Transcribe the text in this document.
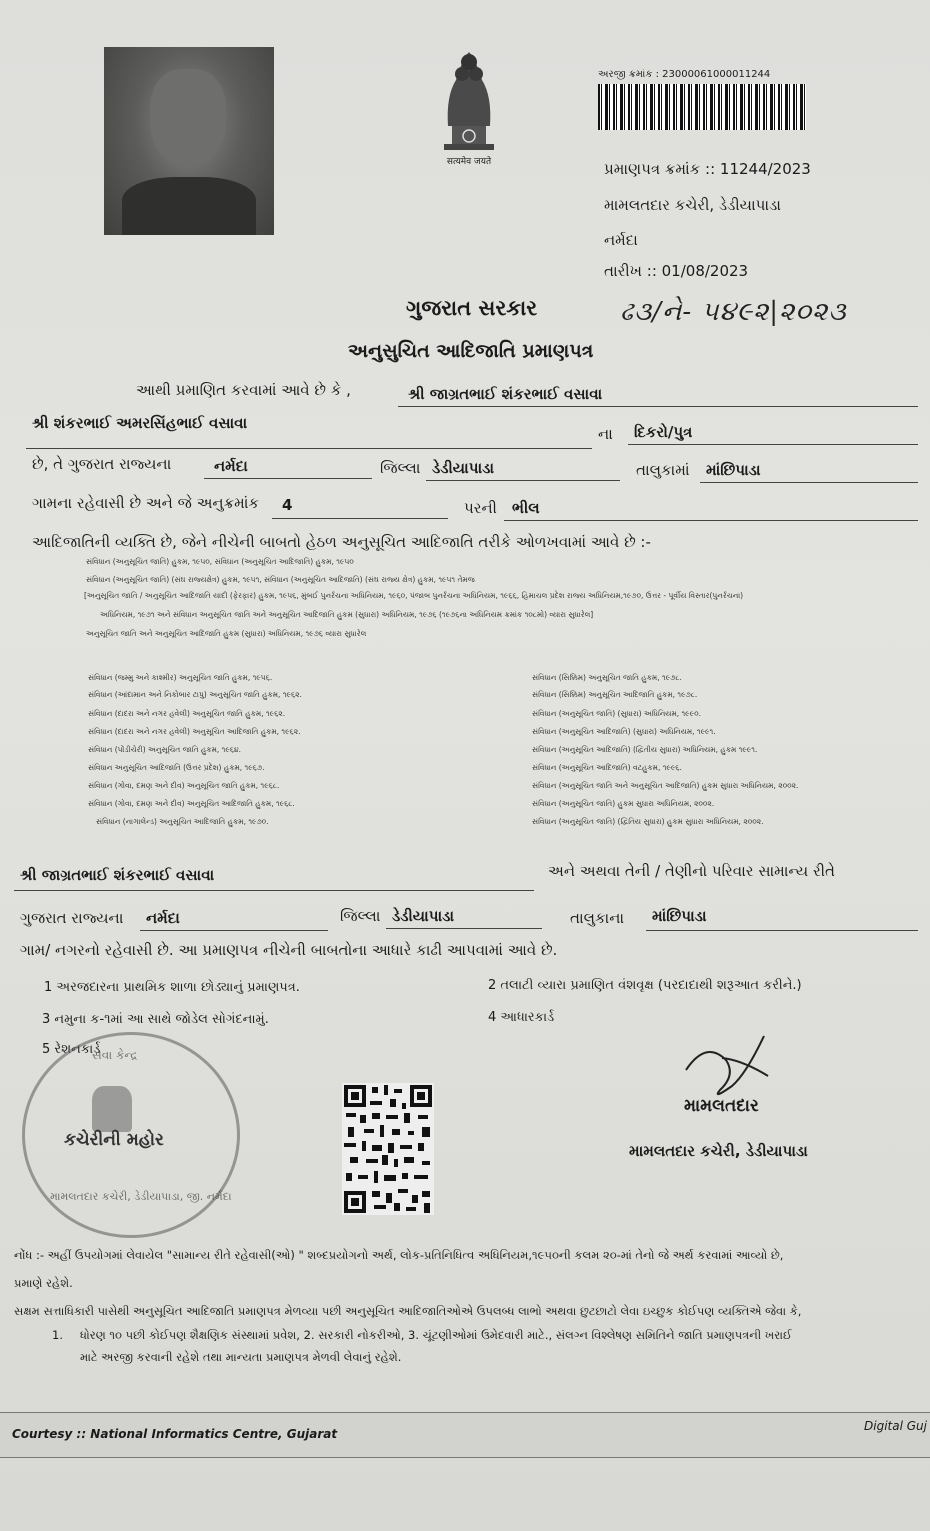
सत्यमेव जयते
અરજી ક્રમાંક : 23000061000011244
પ્રમાણપત્ર ક્રમાંક :: 11244/2023
મામલતદાર કચેરી, ડેડીયાપાડા
નર્મદા
તારીખ :: 01/08/2023
ગુજરાત સરકાર	ઢ૩/ને- ૫૪૯૨|૨૦૨૩
અનુસુચિત આદિજાતિ પ્રમાણપત્ર
આથી પ્રમાણિત કરવામાં આવે છે કે ,	શ્રી જાગ્રતભાઈ શંકરભાઈ વસાવા
શ્રી શંકરભાઈ અમરસિંહભાઈ વસાવા
ના દિકરો/પુત્ર
છે, તે ગુજરાત રાજ્યના	નર્મદા	જિલ્લા ડેડીયાપાડા	તાલુકામાં માંછિપાડા
ગામના રહેવાસી છે અને જે અનુક્રમાંક 4	પરની ભીલ
આદિજાતિની વ્યક્તિ છે, જેને નીચેની બાબતો હેઠળ અનુસૂચિત આદિજાતિ તરીકે ઓળખવામાં આવે છે :-
સંવિધાન (અનુસૂચિત જાતિ) હુકમ, ૧૯૫૦, સંવિધાન (અનુસૂચિત આદિજાતિ) હુકમ, ૧૯૫૦
સંવિધાન (અનુસૂચિત જાતિ) (સંઘ રાજ્યક્ષેત્ર) હુકમ, ૧૯૫૧, સંવિધાન (અનુસૂચિત આદિજાતિ) (સંઘ રાજ્ય ક્ષેત્ર) હુકમ, ૧૯૫૧ તેમજ
[અનુસૂચિત જાતિ / અનુસૂચિત આદિજાતિ યાદી (ફેરફાર) હુકમ, ૧૯૫૬, મુંબઈ પુનર્રચના અધિનિયમ, ૧૯૬૦, પંજાબ પુનર્રચના અધિનિયમ, ૧૯૬૬, હિમાચલ પ્રદેશ રાજ્ય અધિનિયમ,૧૯૭૦, ઉત્તર - પૂર્વીય વિસ્તાર(પુનર્રચના)
અધિનિયમ, ૧૯૭૧ અને સંવિધાન અનુસૂચિત જાતિ અને અનુસૂચિત આદિજાતિ હુકમ (સુધારા) અધિનિયમ, ૧૯૭૬ (૧૯૭૬ના અધિનિયમ ક્રમાંક ૧૦૮મો) વ્યારા સુધારેલ]
અનુસૂચિત જાતિ અને અનુસૂચિત આદિજાતિ હુકમ (સુધારા) અધિનિયમ, ૧૯૭૬ વ્યારા સુધારેલ
સંવિધાન (જમ્મુ અને કાશ્મીર) અનુસૂચિત જાતિ હુકમ, ૧૯૫૬.
સંવિધાન (આંદામાન અને નિકોબાર ટાપુ) અનુસૂચિત જાતિ હુકમ, ૧૯૬૨.
સંવિધાન (દાદરા અને નગર હવેલી) અનુસૂચિત જાતિ હુકમ, ૧૯૬૨.
સંવિધાન (દાદરા અને નગર હવેલી) અનુસૂચિત આદિજાતિ હુકમ, ૧૯૬૨.
સંવિધાન (પોંડીચેરી) અનુસૂચિત જાતિ હુકમ, ૧૯૬૪.
સંવિધાન અનુસૂચિત આદિજાતિ (ઉત્તર પ્રદેશ) હુકમ, ૧૯૬૭.
સંવિધાન (ગોવા, દમણ અને દીવ) અનુસૂચિત જાતિ હુકમ, ૧૯૬૮.
સંવિધાન (ગોવા, દમણ અને દીવ) અનુસૂચિત આદિજાતિ હુકમ, ૧૯૬૮.
સંવિધાન (નાગાલેન્ડ) અનુસૂચિત આદિજાતિ હુકમ, ૧૯૭૦.
સંવિધાન (સિક્કિમ) અનુસૂચિત જાતિ હુકમ, ૧૯૭૮.
સંવિધાન (સિક્કિમ) અનુસૂચિત આદિજાતિ હુકમ, ૧૯૭૮.
સંવિધાન (અનુસૂચિત જાતિ) (સુધારા) અધિનિયમ, ૧૯૯૦.
સંવિધાન (અનુસૂચિત આદિજાતિ) (સુધારા) અધિનિયમ, ૧૯૯૧.
સંવિધાન (અનુસૂચિત આદિજાતિ) (દ્વિતીય સુધારા) અધિનિયમ, હુકમ ૧૯૯૧.
સંવિધાન (અનુસૂચિત આદિજાતિ) વટહુકમ, ૧૯૯૬.
સંવિધાન (અનુસૂચિત જાતિ અને અનુસૂચિત આદિજાતિ) હુકમ સુધારા અધિનિયમ, ૨૦૦૨.
સંવિધાન (અનુસૂચિત જાતિ) હુકમ સુધારા અધિનિયમ, ૨૦૦૨.
સંવિધાન (અનુસૂચિત જાતિ) (દ્વિતિય સુધારા) હુકમ સુધારા અધિનિયમ, ૨૦૦૨.
શ્રી જાગ્રતભાઈ શંકરભાઈ વસાવા	અને અથવા તેની / તેણીનો પરિવાર સામાન્ય રીતે
ગુજરાત રાજ્યના નર્મદા	જિલ્લા ડેડીયાપાડા	તાલુકાના માંછિપાડા
ગામ/ નગરનો રહેવાસી છે. આ પ્રમાણપત્ર નીચેની બાબતોના આધારે કાઢી આપવામાં આવે છે.
1 અરજદારના પ્રાથમિક શાળા છોડ્યાનું પ્રમાણપત્ર.	2 તલાટી વ્યારા પ્રમાણિત વંશવૃક્ષ (પરદાદાથી શરૂઆત કરીને.)
3 નમુના ક-૧માં આ સાથે જોડેલ સોગંદનામું.	4 આધારકાર્ડ
5 રેશનકાર્ડ
સેવા કેન્દ્ર
કચેરીની મહોર
મામલતદાર કચેરી, ડેડીયાપાડા, જી. નર્મદા
મામલતદાર
મામલતદાર કચેરી, ડેડીયાપાડા
નોંધ :- અહીં ઉપયોગમાં લેવાયેલ "સામાન્ય રીતે રહેવાસી(ઓ) " શબ્દપ્રયોગનો અર્થ, લોક-પ્રતિનિધિત્વ અધિનિયમ,૧૯૫૦ની કલમ ૨૦-માં તેનો જે અર્થ કરવામાં આવ્યો છે,
પ્રમાણે રહેશે.
સક્ષમ સત્તાધિકારી પાસેથી અનુસૂચિત આદિજાતિ પ્રમાણપત્ર મેળવ્યા પછી અનુસૂચિત આદિજાતિઓએ ઉપલબ્ધ લાભો અથવા છુટછાટો લેવા ઇચ્છુક કોઈપણ વ્યક્તિએ જેવા કે,
1. ધોરણ ૧૦ પછી કોઈપણ શૈક્ષણિક સંસ્થામાં પ્રવેશ, 2. સરકારી નોકરીઓ, 3. ચૂંટણીઓમાં ઉમેદવારી માટે., સંલગ્ન વિશ્લેષણ સમિતિને જાતિ પ્રમાણપત્રની ખરાઈ
માટે અરજી કરવાની રહેશે તથા માન્યતા પ્રમાણપત્ર મેળવી લેવાનું રહેશે.
Courtesy :: National Informatics Centre, Gujarat
Digital Guj
